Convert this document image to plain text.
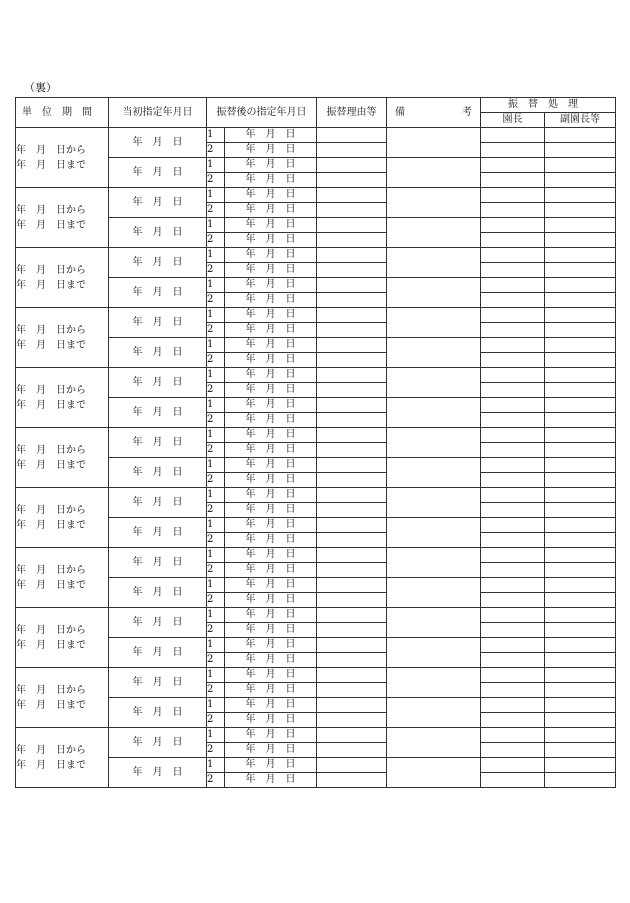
（裏）
単位期間	当初指定年月日	振替後の指定年月日		振替理由等	備 考	振替処理	
						園長	副園長等

年　月　日から
年　月　日まで	年　月　日	1	年　月　日				
		2	年　月　日				
	年　月　日	1	年　月　日				
		2	年　月　日				

年　月　日から
年　月　日まで	年　月　日	1	年　月　日				
		2	年　月　日				
	年　月　日	1	年　月　日				
		2	年　月　日				

年　月　日から
年　月　日まで	年　月　日	1	年　月　日				
		2	年　月　日				
	年　月　日	1	年　月　日				
		2	年　月　日				

年　月　日から
年　月　日まで	年　月　日	1	年　月　日				
		2	年　月　日				
	年　月　日	1	年　月　日				
		2	年　月　日				

年　月　日から
年　月　日まで	年　月　日	1	年　月　日				
		2	年　月　日				
	年　月　日	1	年　月　日				
		2	年　月　日				

年　月　日から
年　月　日まで	年　月　日	1	年　月　日				
		2	年　月　日				
	年　月　日	1	年　月　日				
		2	年　月　日				

年　月　日から
年　月　日まで	年　月　日	1	年　月　日				
		2	年　月　日				
	年　月　日	1	年　月　日				
		2	年　月　日				

年　月　日から
年　月　日まで	年　月　日	1	年　月　日				
		2	年　月　日				
	年　月　日	1	年　月　日				
		2	年　月　日				

年　月　日から
年　月　日まで	年　月　日	1	年　月　日				
		2	年　月　日				
	年　月　日	1	年　月　日				
		2	年　月　日				

年　月　日から
年　月　日まで	年　月　日	1	年　月　日				
		2	年　月　日				
	年　月　日	1	年　月　日				
		2	年　月　日				

年　月　日から
年　月　日まで	年　月　日	1	年　月　日				
		2	年　月　日				
	年　月　日	1	年　月　日				
		2	年　月　日				
